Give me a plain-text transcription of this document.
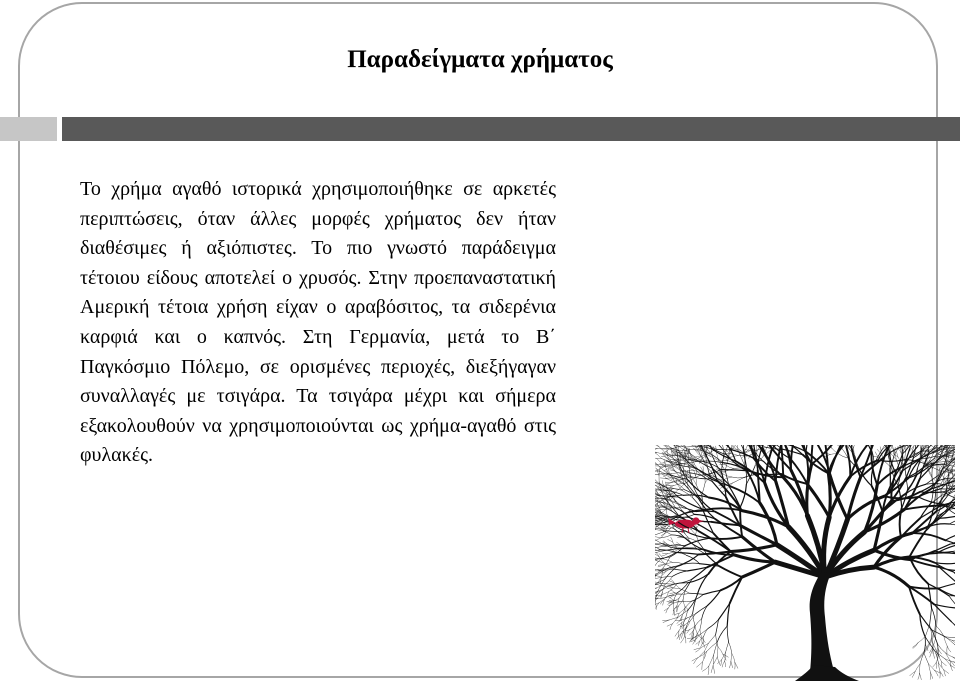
Παραδείγματα χρήματος

Το χρήμα αγαθό ιστορικά χρησιμοποιήθηκε σε αρκετές περιπτώσεις, όταν άλλες μορφές χρήματος δεν ήταν διαθέσιμες ή αξιόπιστες. Το πιο γνωστό παράδειγμα τέτοιου είδους αποτελεί ο χρυσός. Στην προεπαναστατική Αμερική τέτοια χρήση είχαν ο αραβόσιτος, τα σιδερένια καρφιά και ο καπνός. Στη Γερμανία, μετά το Β΄ Παγκόσμιο Πόλεμο, σε ορισμένες περιοχές, διεξήγαγαν συναλλαγές με τσιγάρα. Τα τσιγάρα μέχρι και σήμερα εξακολουθούν να χρησιμοποιούνται ως χρήμα-αγαθό στις φυλακές.
